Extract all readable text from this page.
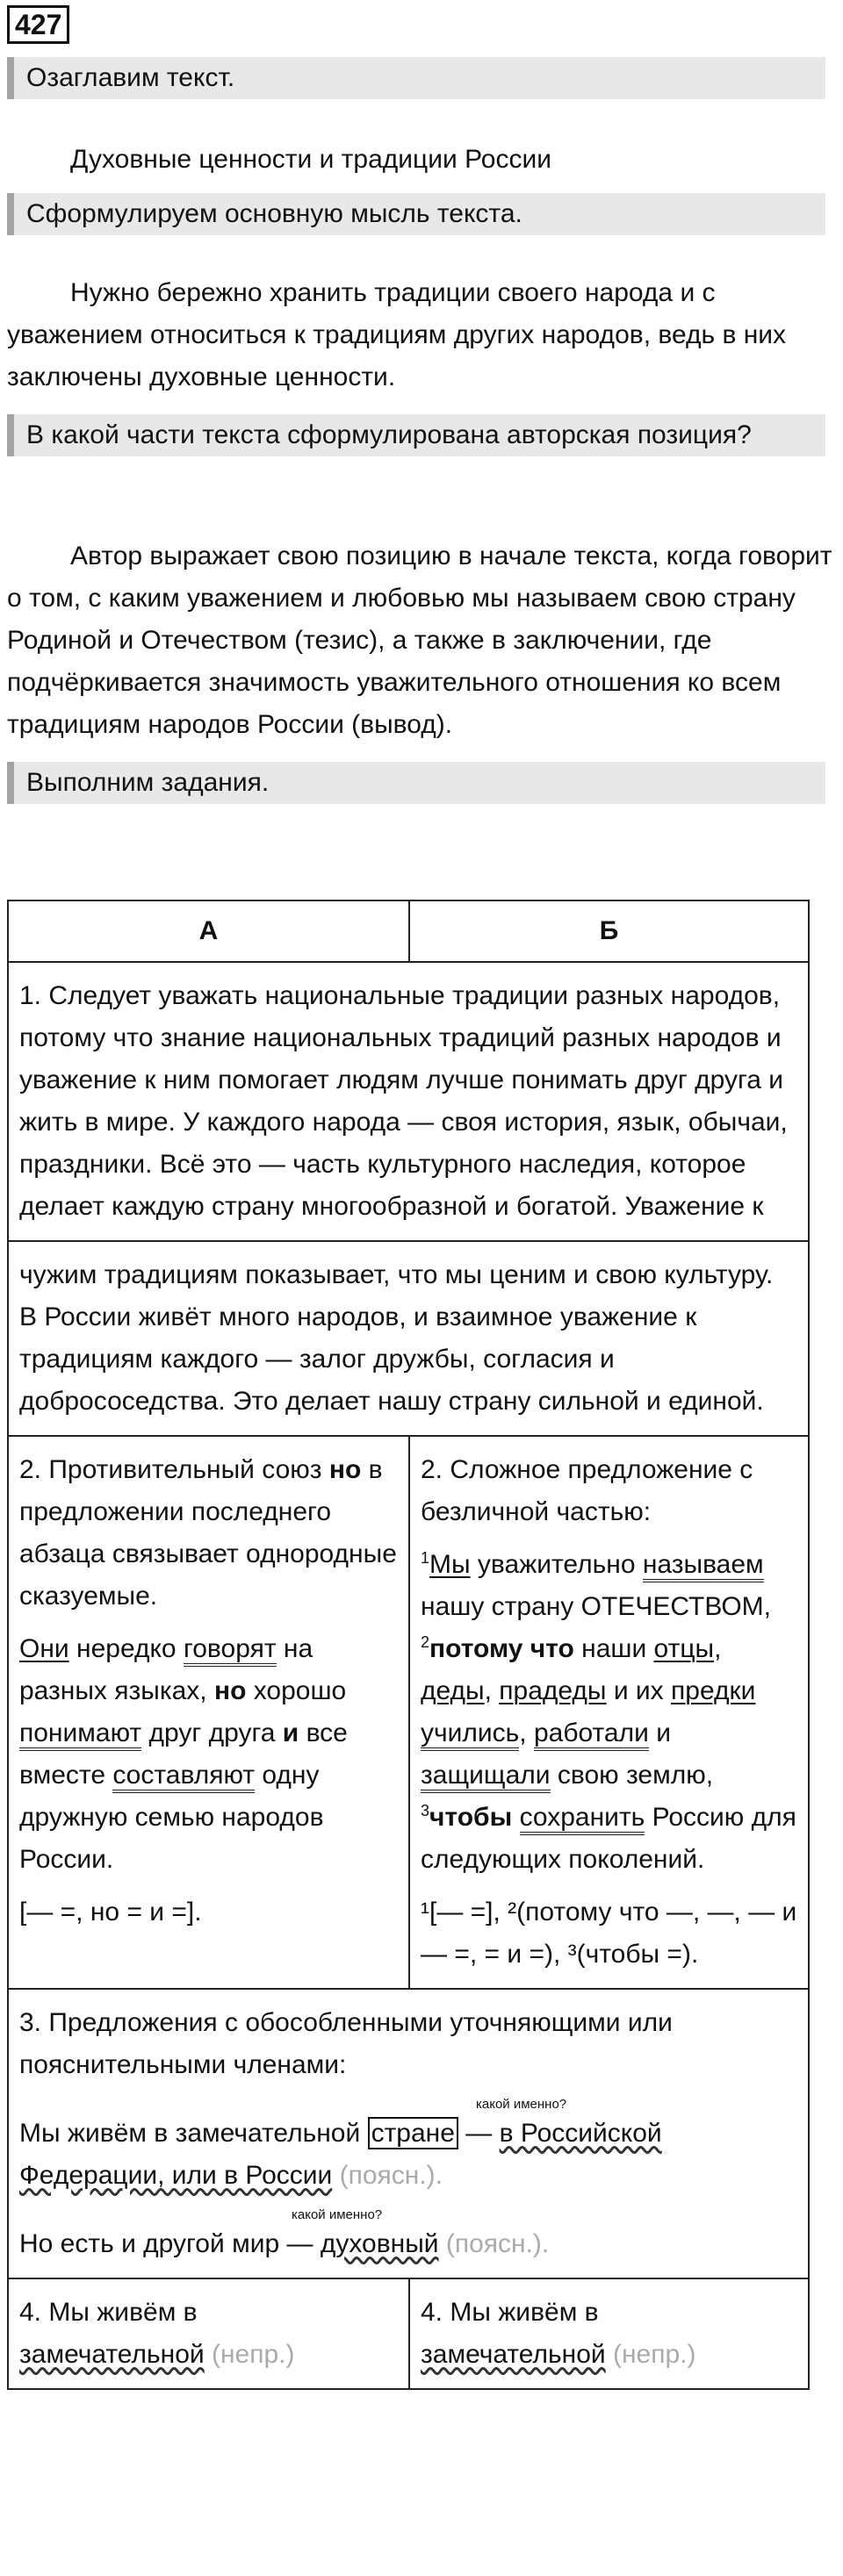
427
Озаглавим текст.
Духовные ценности и традиции России
Сформулируем основную мысль текста.
Нужно бережно хранить традиции своего народа и с уважением относиться к традициям других народов, ведь в них заключены духовные ценности.
В какой части текста сформулирована авторская позиция?
Автор выражает свою позицию в начале текста, когда говорит о том, с каким уважением и любовью мы называем свою страну Родиной и Отечеством (тезис), а также в заключении, где подчёркивается значимость уважительного отношения ко всем традициям народов России (вывод).
Выполним задания.
А	Б
1. Следует уважать национальные традиции разных народов, потому что знание национальных традиций разных народов и уважение к ним помогает людям лучше понимать друг друга и жить в мире. У каждого народа — своя история, язык, обычаи, праздники. Всё это — часть культурного наследия, которое делает каждую страну многообразной и богатой. Уважение к
чужим традициям показывает, что мы ценим и свою культуру. В России живёт много народов, и взаимное уважение к традициям каждого — залог дружбы, согласия и добрососедства. Это делает нашу страну сильной и единой.
2. Противительный союз но в предложении последнего абзаца связывает однородные сказуемые.
Они нередко говорят на разных языках, но хорошо понимают друг друга и все вместе составляют одну дружную семью народов России.
[— =, но = и =].
2. Сложное предложение с безличной частью:
$^1$Мы уважительно называем нашу страну ОТЕЧЕСТВОМ, $^2$потому что наши отцы, деды, прадеды и их предки учились, работали и защищали свою землю, $^3$чтобы сохранить Россию для следующих поколений.
¹[— =], ²(потому что —, —, — и — =, = и =), ³(чтобы =).
3. Предложения с обособленными уточняющими или пояснительными членами:
какой именно?
Мы живём в замечательной стране — в Российской Федерации, или в России (поясн.).
какой именно?
Но есть и другой мир — духовный (поясн.).
4. Мы живём в
замечательной (непр.)
4. Мы живём в
замечательной (непр.)
